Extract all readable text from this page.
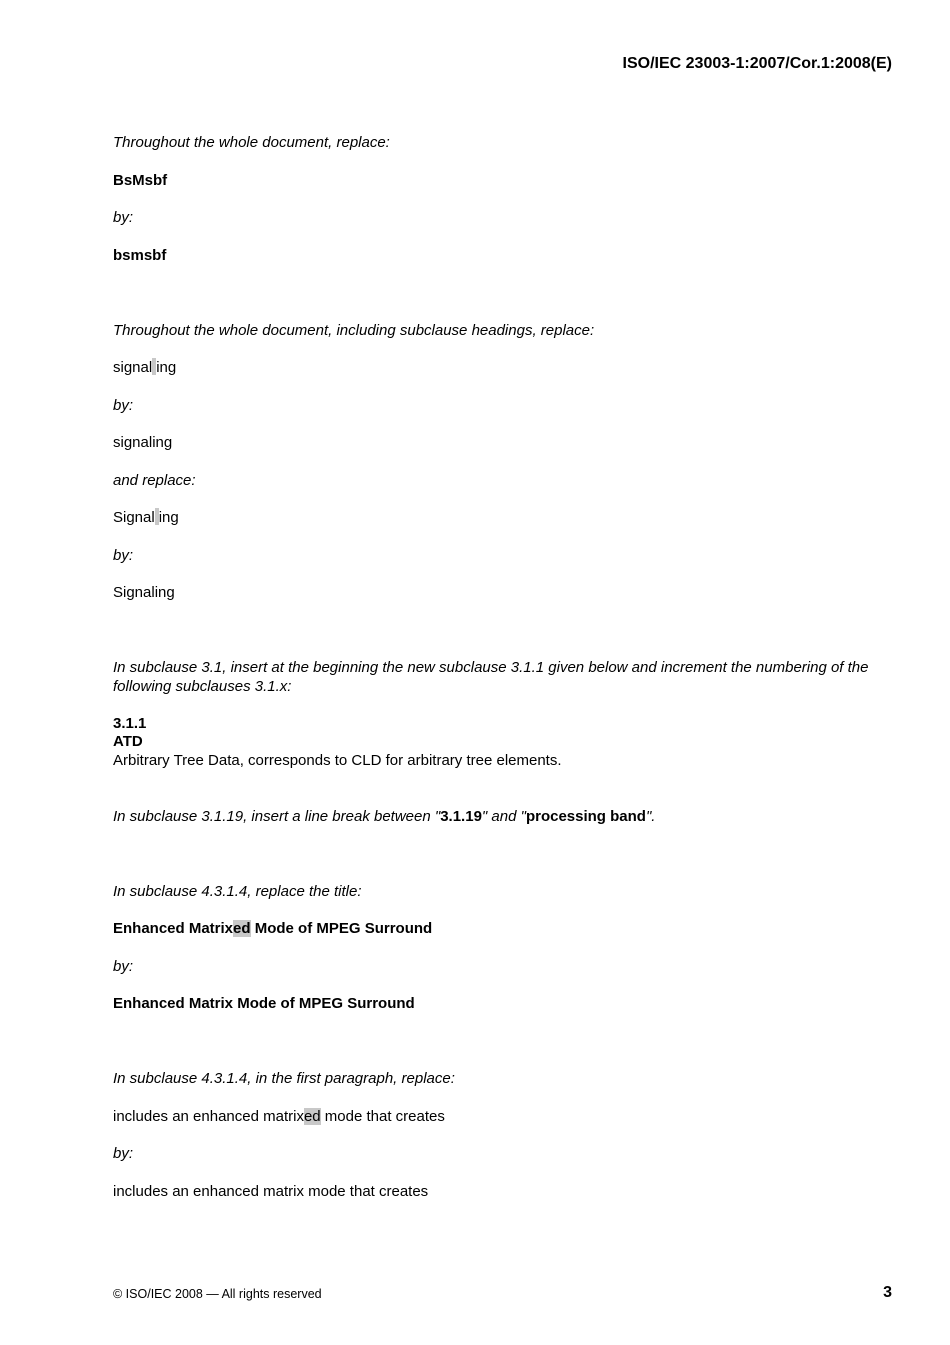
ISO/IEC 23003-1:2007/Cor.1:2008(E)
Throughout the whole document, replace:
BsMsbf
by:
bsmsbf
Throughout the whole document, including subclause headings, replace:
signal ing
by:
signaling
and replace:
Signal ing
by:
Signaling
In subclause 3.1, insert at the beginning the new subclause 3.1.1 given below and increment the numbering of the following subclauses 3.1.x:
3.1.1
ATD
Arbitrary Tree Data, corresponds to CLD for arbitrary tree elements.
In subclause 3.1.19, insert a line break between "3.1.19" and "processing band".
In subclause 4.3.1.4, replace the title:
Enhanced Matrixed Mode of MPEG Surround
by:
Enhanced Matrix Mode of MPEG Surround
In subclause 4.3.1.4, in the first paragraph, replace:
includes an enhanced matrixed mode that creates
by:
includes an enhanced matrix mode that creates
© ISO/IEC 2008 — All rights reserved	3
